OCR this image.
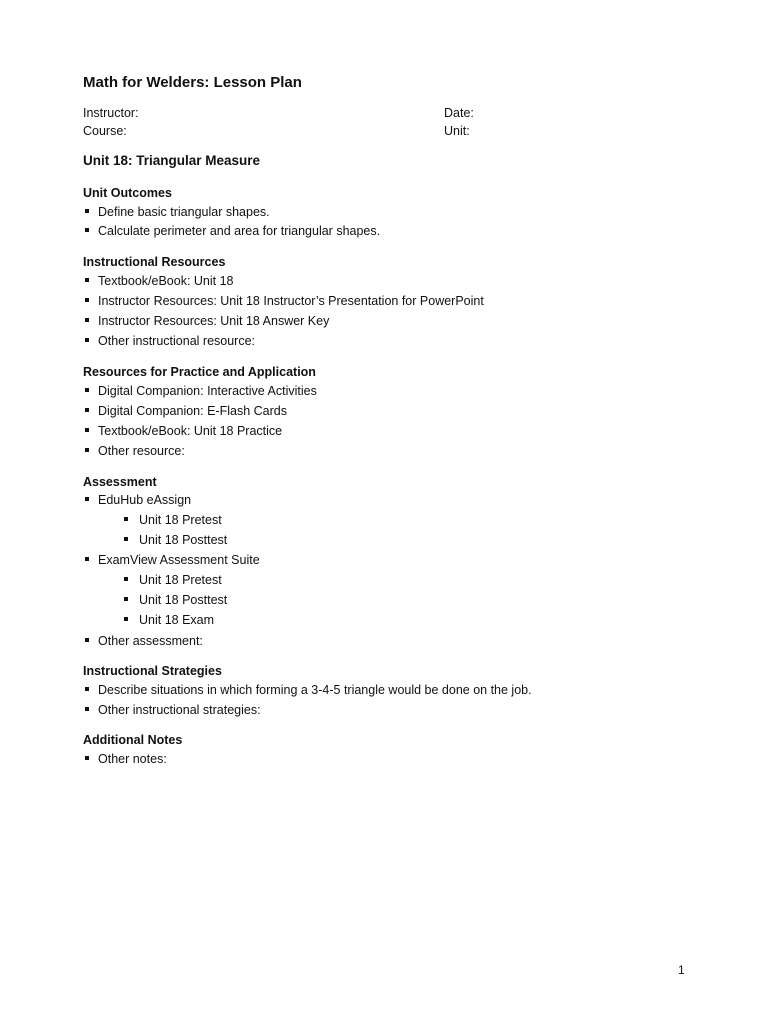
Math for Welders: Lesson Plan
Instructor:
Course:
Date:
Unit:
Unit 18: Triangular Measure
Unit Outcomes
Define basic triangular shapes.
Calculate perimeter and area for triangular shapes.
Instructional Resources
Textbook/eBook: Unit 18
Instructor Resources: Unit 18 Instructor’s Presentation for PowerPoint
Instructor Resources: Unit 18 Answer Key
Other instructional resource:
Resources for Practice and Application
Digital Companion: Interactive Activities
Digital Companion: E-Flash Cards
Textbook/eBook: Unit 18 Practice
Other resource:
Assessment
EduHub eAssign
Unit 18 Pretest
Unit 18 Posttest
ExamView Assessment Suite
Unit 18 Pretest
Unit 18 Posttest
Unit 18 Exam
Other assessment:
Instructional Strategies
Describe situations in which forming a 3-4-5 triangle would be done on the job.
Other instructional strategies:
Additional Notes
Other notes:
1
